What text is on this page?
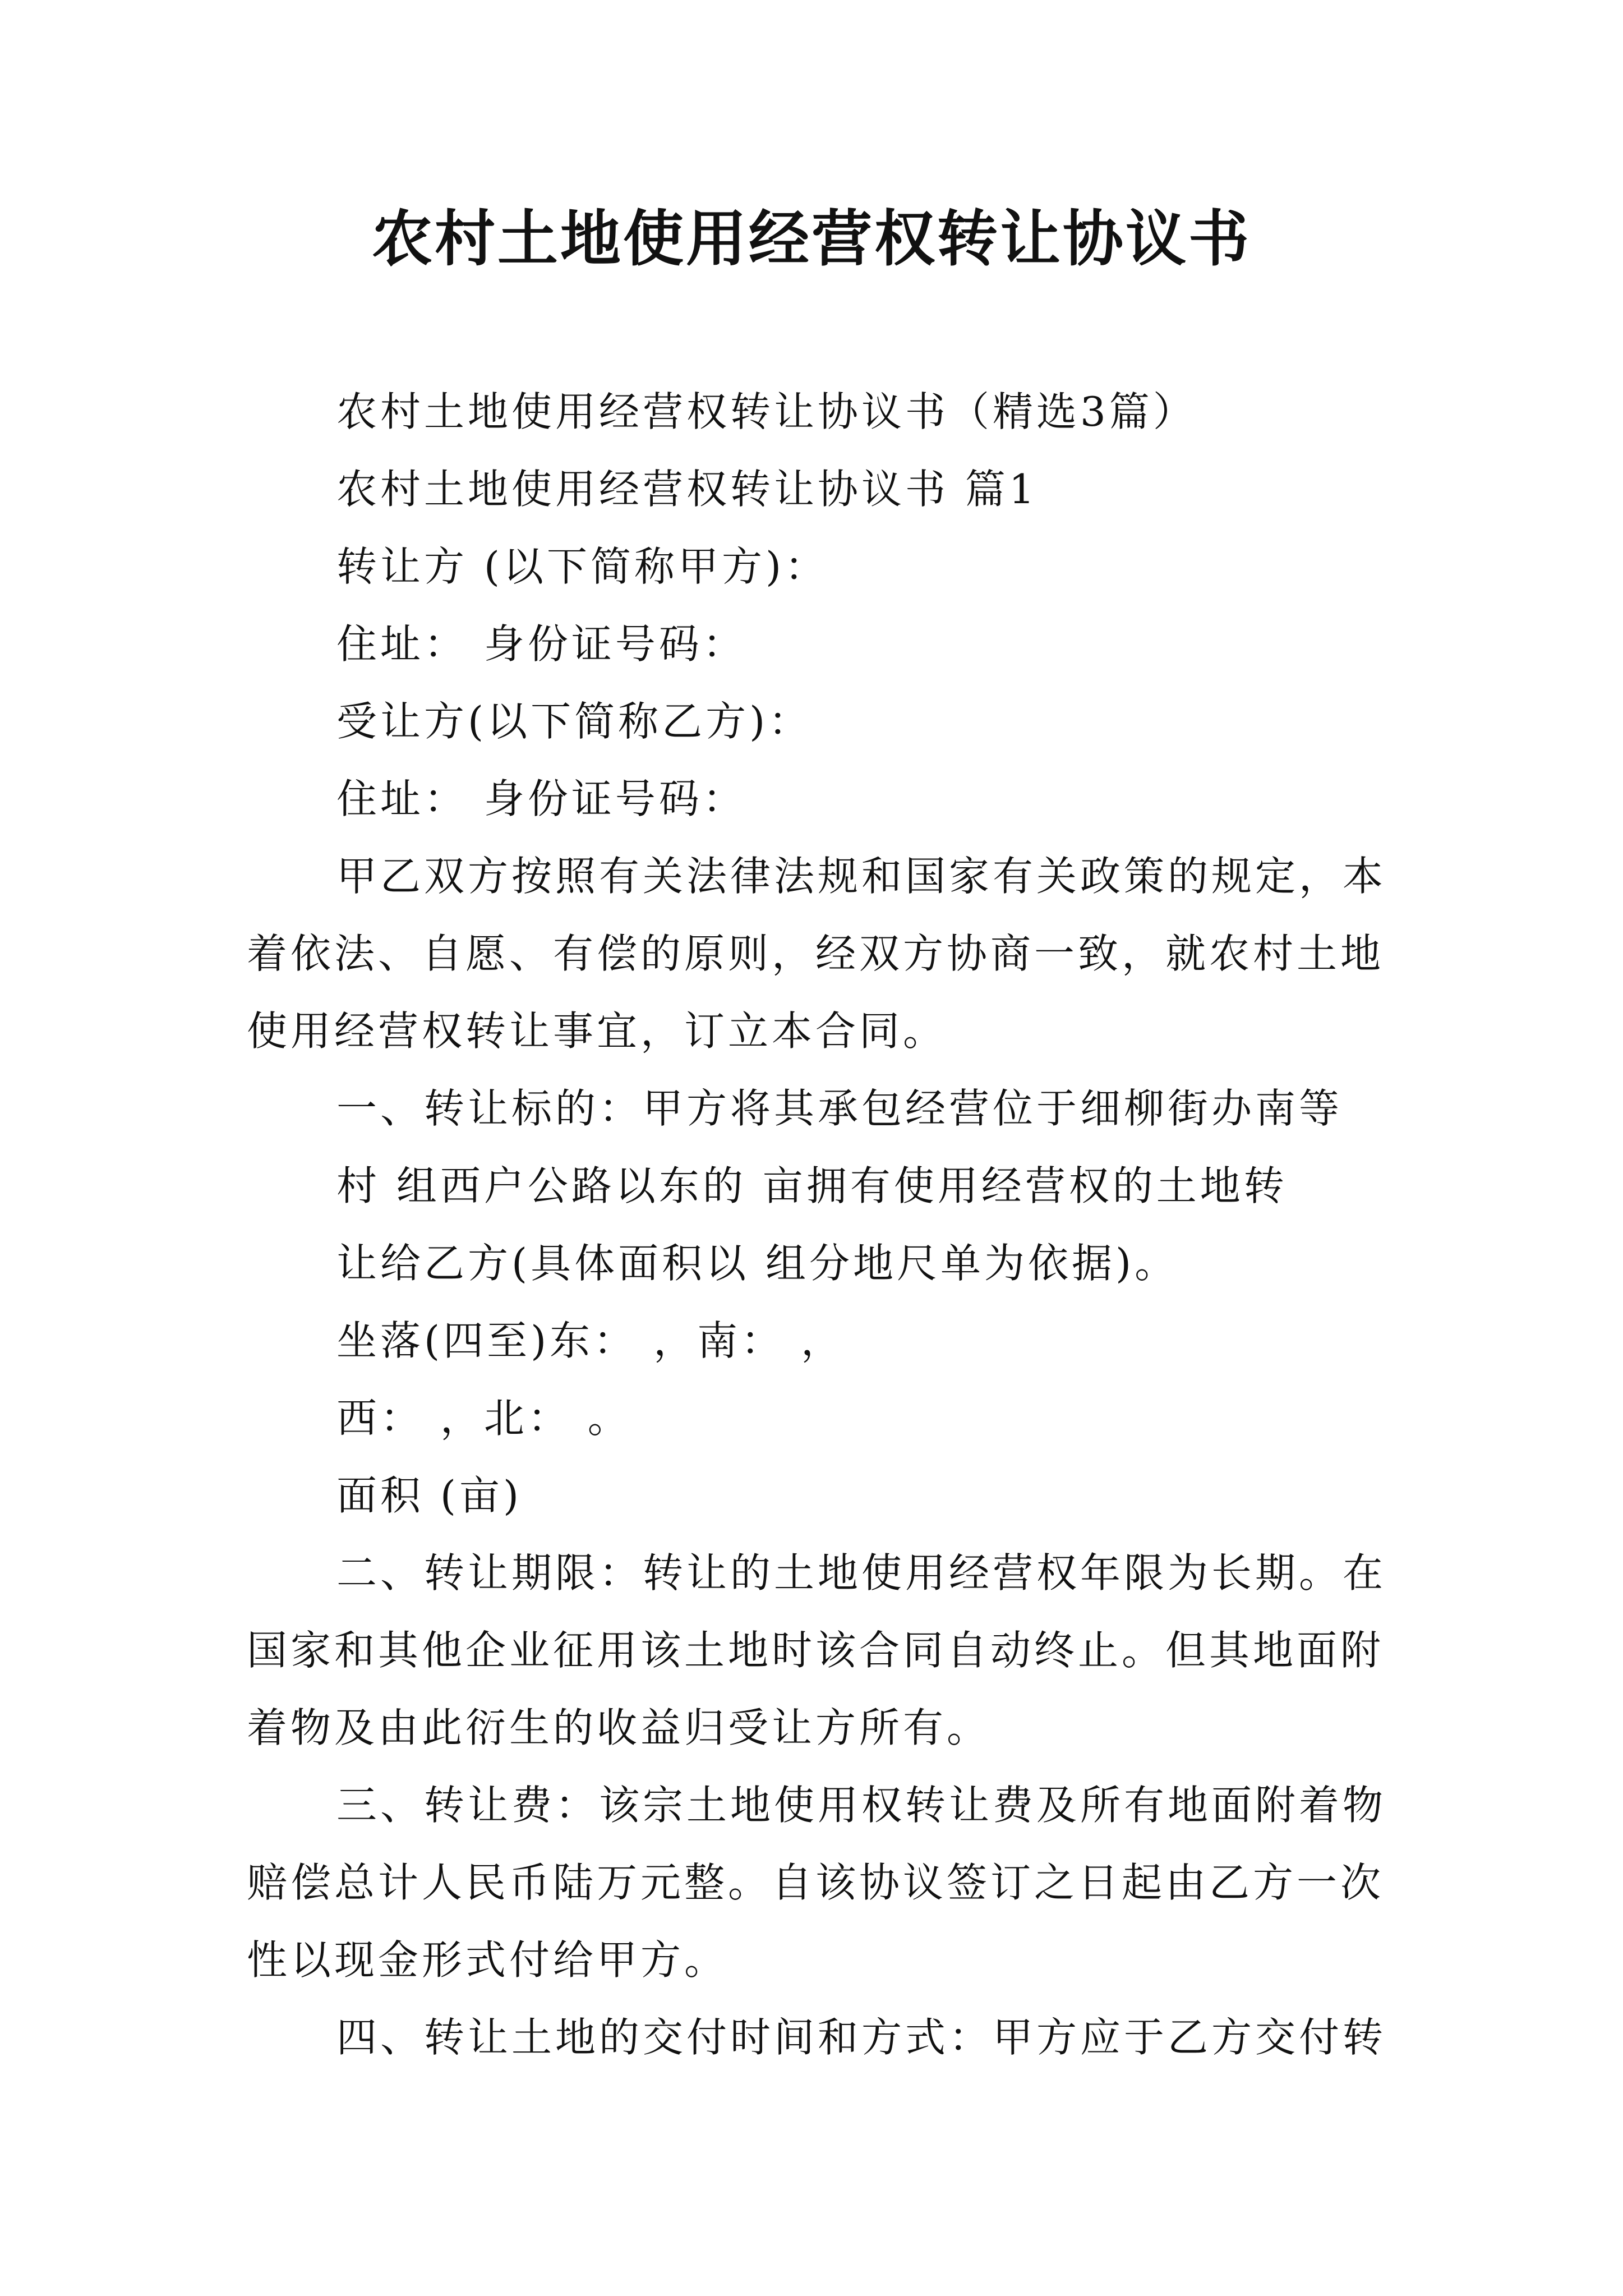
农村土地使用经营权转让协议书
农村土地使用经营权转让协议书（精选3篇）
农村土地使用经营权转让协议书 篇1
转让方 (以下简称甲方)：
住址： 身份证号码：
受让方(以下简称乙方)：
住址： 身份证号码：
甲乙双方按照有关法律法规和国家有关政策的规定，本
着依法、自愿、有偿的原则，经双方协商一致，就农村土地
使用经营权转让事宜，订立本合同。
一、转让标的：甲方将其承包经营位于细柳街办南等
村 组西户公路以东的 亩拥有使用经营权的土地转
让给乙方(具体面积以 组分地尺单为依据)。
坐落(四至)东： ，南： ，
西： ，北： 。
面积 (亩)
二、转让期限：转让的土地使用经营权年限为长期。在
国家和其他企业征用该土地时该合同自动终止。但其地面附
着物及由此衍生的收益归受让方所有。
三、转让费：该宗土地使用权转让费及所有地面附着物
赔偿总计人民币陆万元整。自该协议签订之日起由乙方一次
性以现金形式付给甲方。
四、转让土地的交付时间和方式：甲方应于乙方交付转
